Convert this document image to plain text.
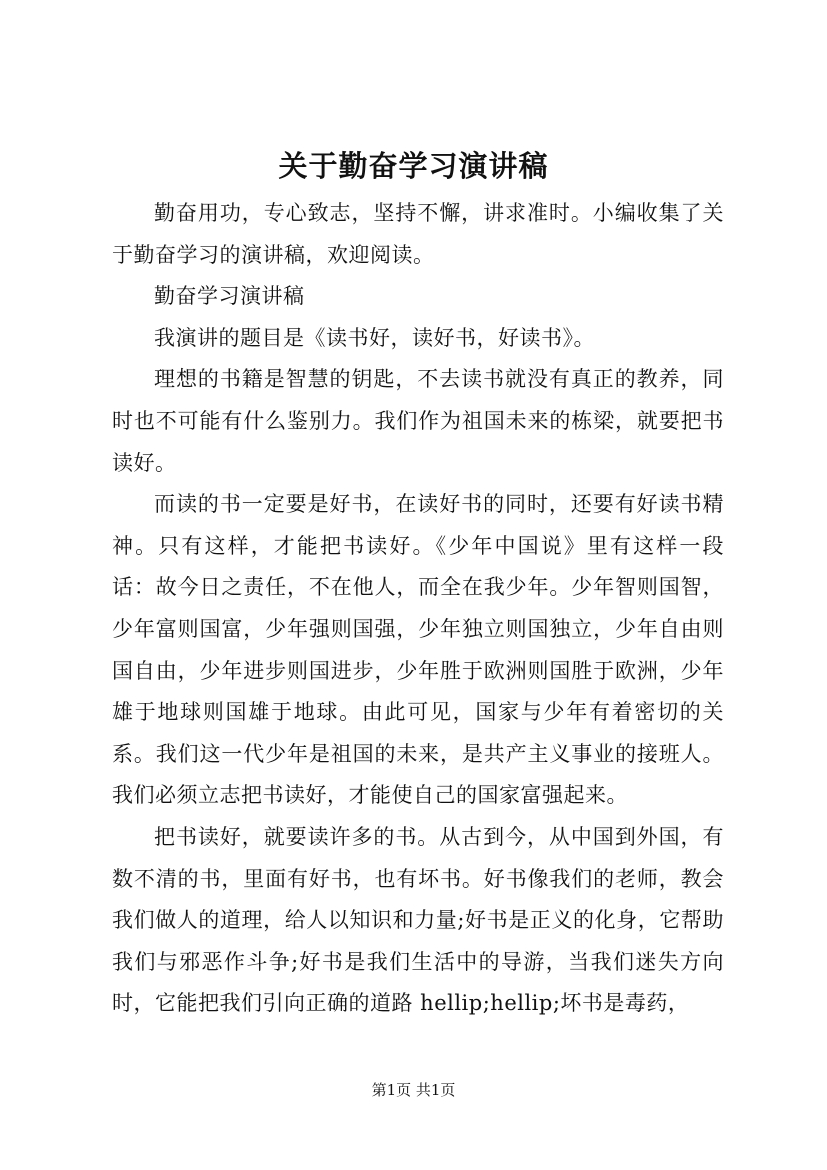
关于勤奋学习演讲稿

勤奋用功，专心致志，坚持不懈，讲求准时。小编收集了关于勤奋学习的演讲稿，欢迎阅读。

勤奋学习演讲稿

我演讲的题目是《读书好，读好书，好读书》。

理想的书籍是智慧的钥匙，不去读书就没有真正的教养，同时也不可能有什么鉴别力。我们作为祖国未来的栋梁，就要把书读好。

而读的书一定要是好书，在读好书的同时，还要有好读书精神。只有这样，才能把书读好。《少年中国说》里有这样一段话：故今日之责任，不在他人，而全在我少年。少年智则国智，少年富则国富，少年强则国强，少年独立则国独立，少年自由则国自由，少年进步则国进步，少年胜于欧洲则国胜于欧洲，少年雄于地球则国雄于地球。由此可见，国家与少年有着密切的关系。我们这一代少年是祖国的未来，是共产主义事业的接班人。我们必须立志把书读好，才能使自己的国家富强起来。

把书读好，就要读许多的书。从古到今，从中国到外国，有数不清的书，里面有好书，也有坏书。好书像我们的老师，教会我们做人的道理，给人以知识和力量;好书是正义的化身，它帮助我们与邪恶作斗争;好书是我们生活中的导游，当我们迷失方向时，它能把我们引向正确的道路 hellip;hellip;坏书是毒药，

第1页 共1页
